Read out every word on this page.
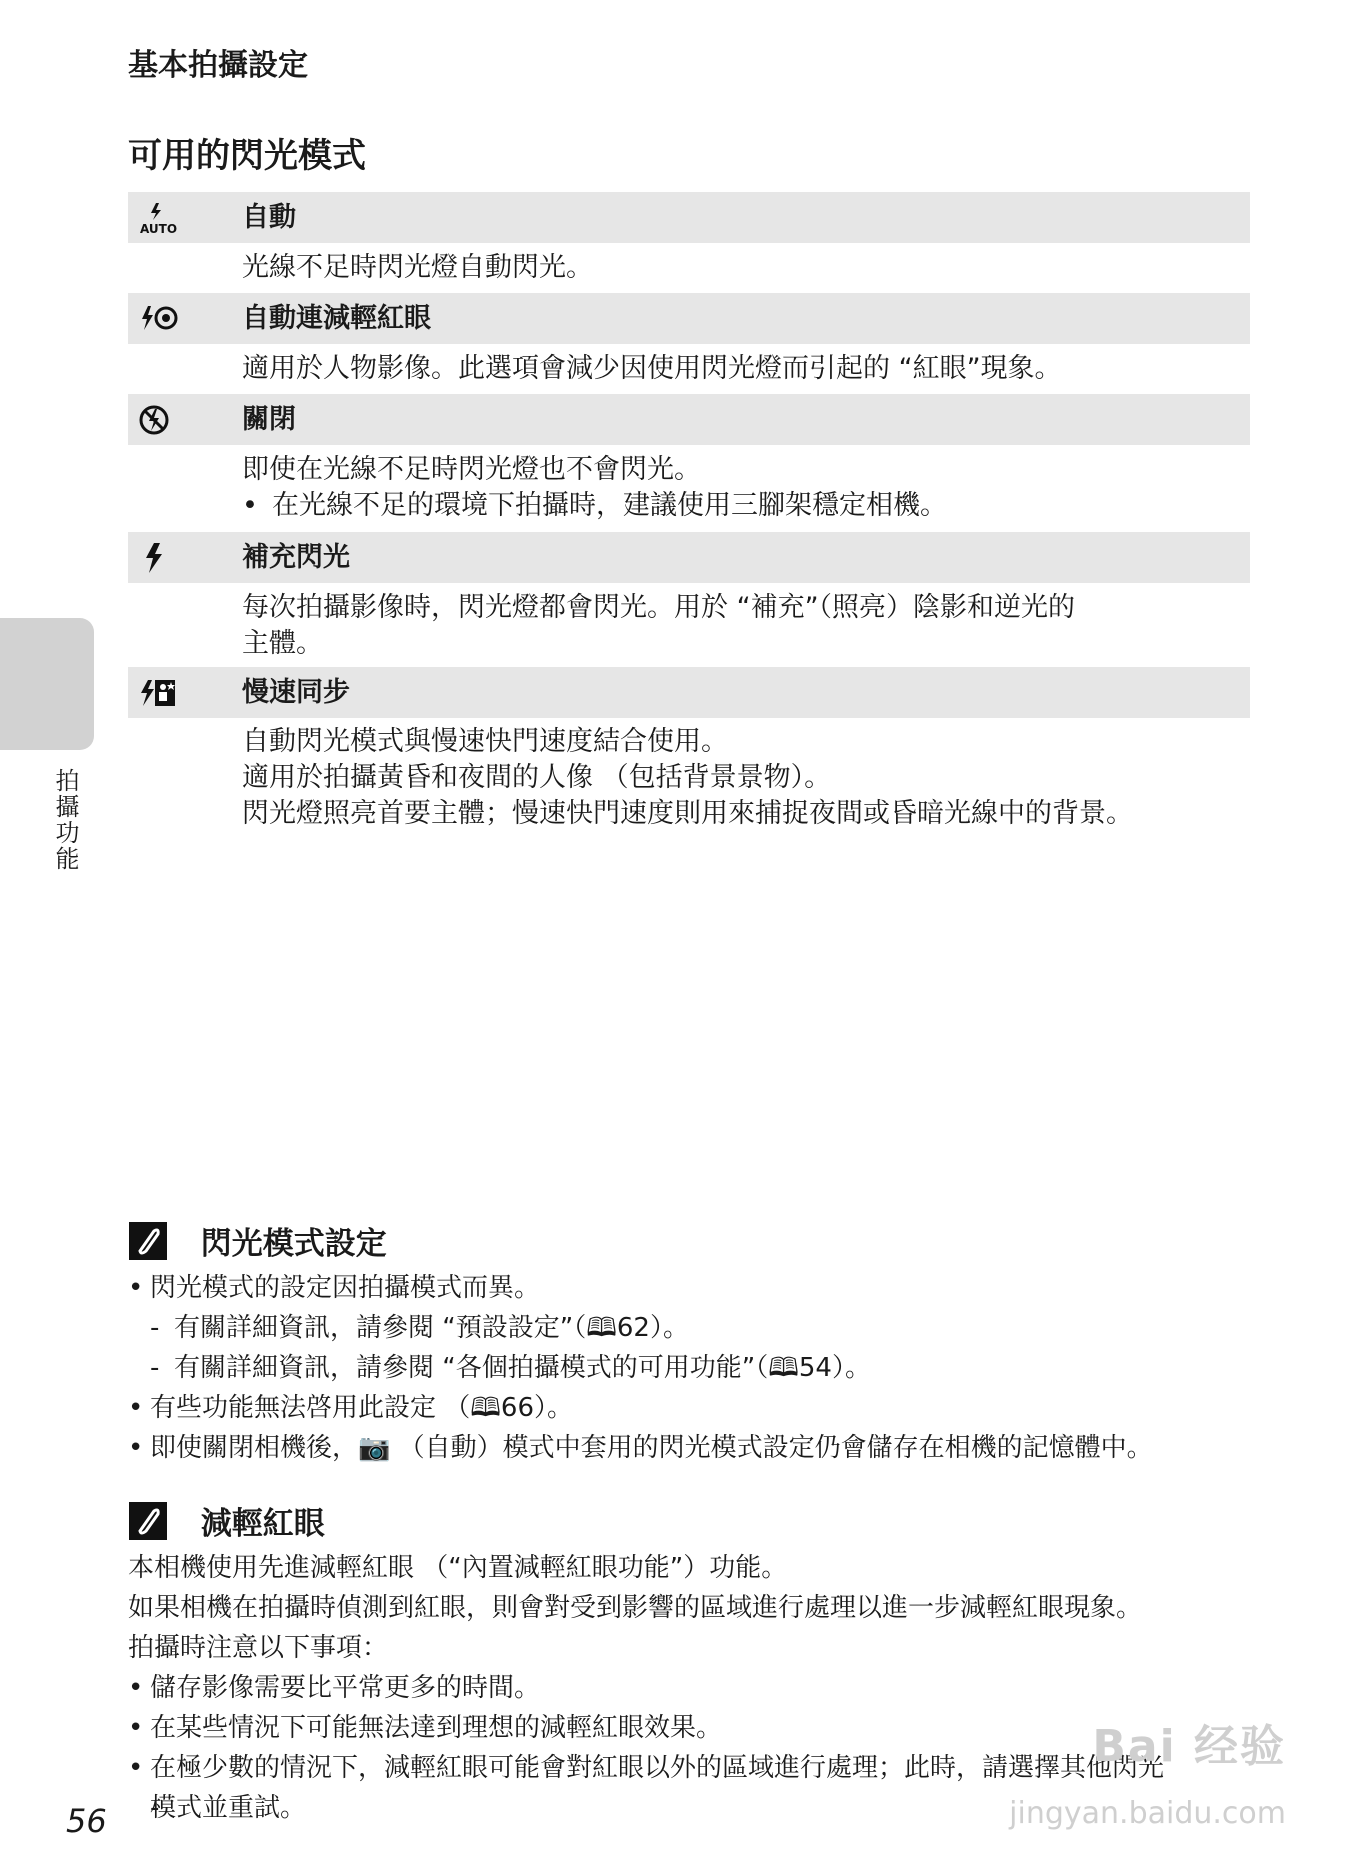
基本拍攝設定
可用的閃光模式
AUTO 自動
光線不足時閃光燈自動閃光。
自動連減輕紅眼
適用於人物影像。此選項會減少因使用閃光燈而引起的 “紅眼”現象。
關閉
即使在光線不足時閃光燈也不會閃光。
• 在光線不足的環境下拍攝時，建議使用三腳架穩定相機。
補充閃光
每次拍攝影像時，閃光燈都會閃光。用於 “補充”（照亮）陰影和逆光的
主體。
慢速同步
自動閃光模式與慢速快門速度結合使用。
適用於拍攝黃昏和夜間的人像 （包括背景景物）。
閃光燈照亮首要主體；慢速快門速度則用來捕捉夜間或昏暗光線中的背景。
拍攝功能
閃光模式設定
• 閃光模式的設定因拍攝模式而異。
- 有關詳細資訊，請參閱 “預設設定”（🕮62）。
- 有關詳細資訊，請參閱 “各個拍攝模式的可用功能”（🕮54）。
• 有些功能無法啓用此設定 （🕮66）。
• 即使關閉相機後，📷 （自動）模式中套用的閃光模式設定仍會儲存在相機的記憶體中。
減輕紅眼
本相機使用先進減輕紅眼 （“內置減輕紅眼功能”）功能。
如果相機在拍攝時偵測到紅眼，則會對受到影響的區域進行處理以進一步減輕紅眼現象。
拍攝時注意以下事項：
• 儲存影像需要比平常更多的時間。
• 在某些情況下可能無法達到理想的減輕紅眼效果。
• 在極少數的情況下，減輕紅眼可能會對紅眼以外的區域進行處理；此時，請選擇其他閃光
- 模式並重試。
56
Bai 经验
jingyan.baidu.com
